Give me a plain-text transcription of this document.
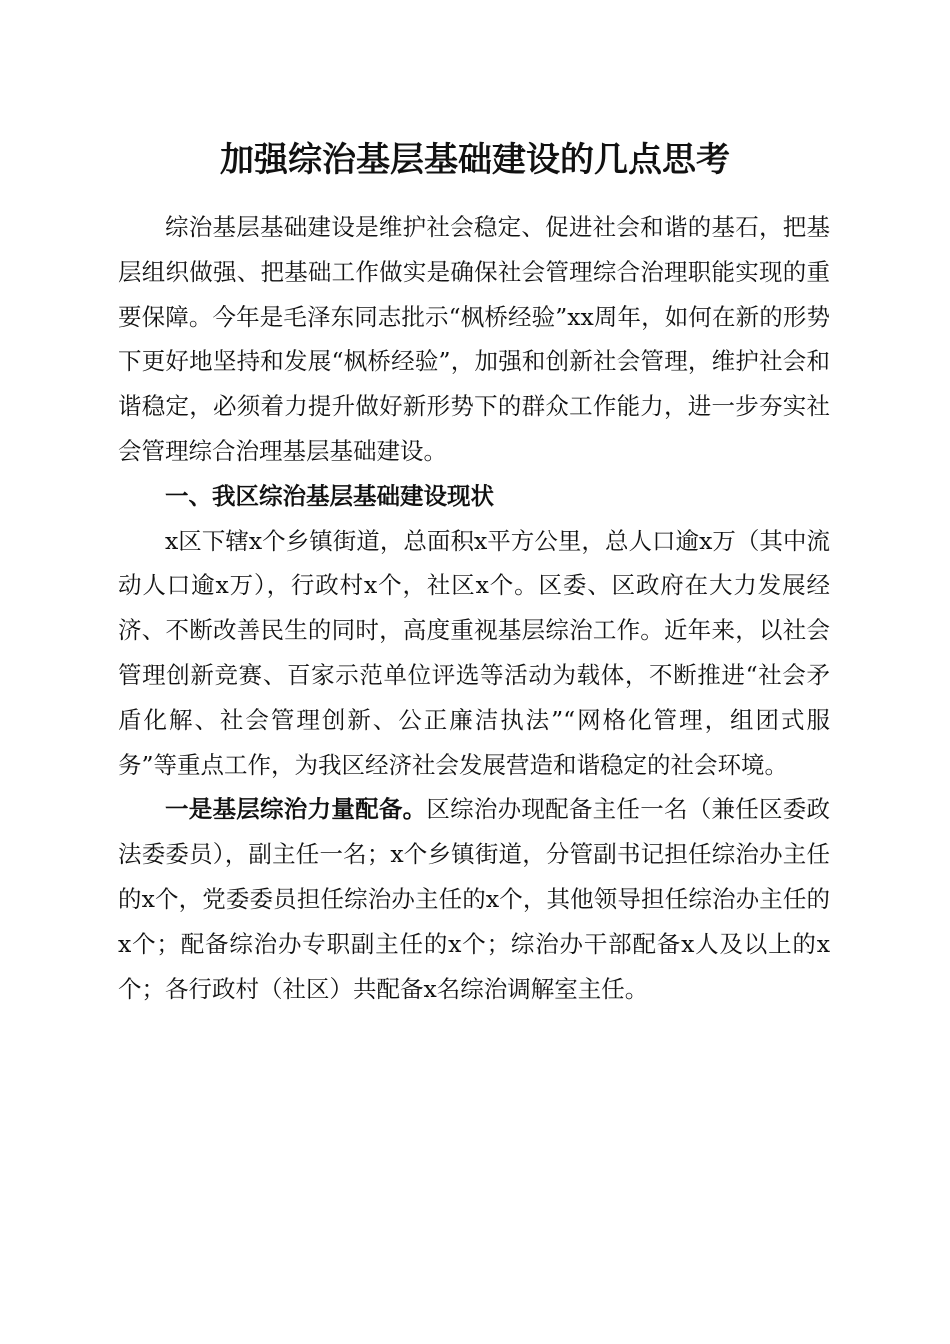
加强综治基层基础建设的几点思考

综治基层基础建设是维护社会稳定、促进社会和谐的基石，把基层组织做强、把基础工作做实是确保社会管理综合治理职能实现的重要保障。今年是毛泽东同志批示“枫桥经验”xx周年，如何在新的形势下更好地坚持和发展“枫桥经验”，加强和创新社会管理，维护社会和谐稳定，必须着力提升做好新形势下的群众工作能力，进一步夯实社会管理综合治理基层基础建设。

一、我区综治基层基础建设现状

x区下辖x个乡镇街道，总面积x平方公里，总人口逾x万（其中流动人口逾x万），行政村x个，社区x个。区委、区政府在大力发展经济、不断改善民生的同时，高度重视基层综治工作。近年来，以社会管理创新竞赛、百家示范单位评选等活动为载体，不断推进“社会矛盾化解、社会管理创新、公正廉洁执法”“网格化管理，组团式服务”等重点工作，为我区经济社会发展营造和谐稳定的社会环境。

一是基层综治力量配备。区综治办现配备主任一名（兼任区委政法委委员），副主任一名；x个乡镇街道，分管副书记担任综治办主任的x个，党委委员担任综治办主任的x个，其他领导担任综治办主任的x个；配备综治办专职副主任的x个；综治办干部配备x人及以上的x个；各行政村（社区）共配备x名综治调解室主任。
